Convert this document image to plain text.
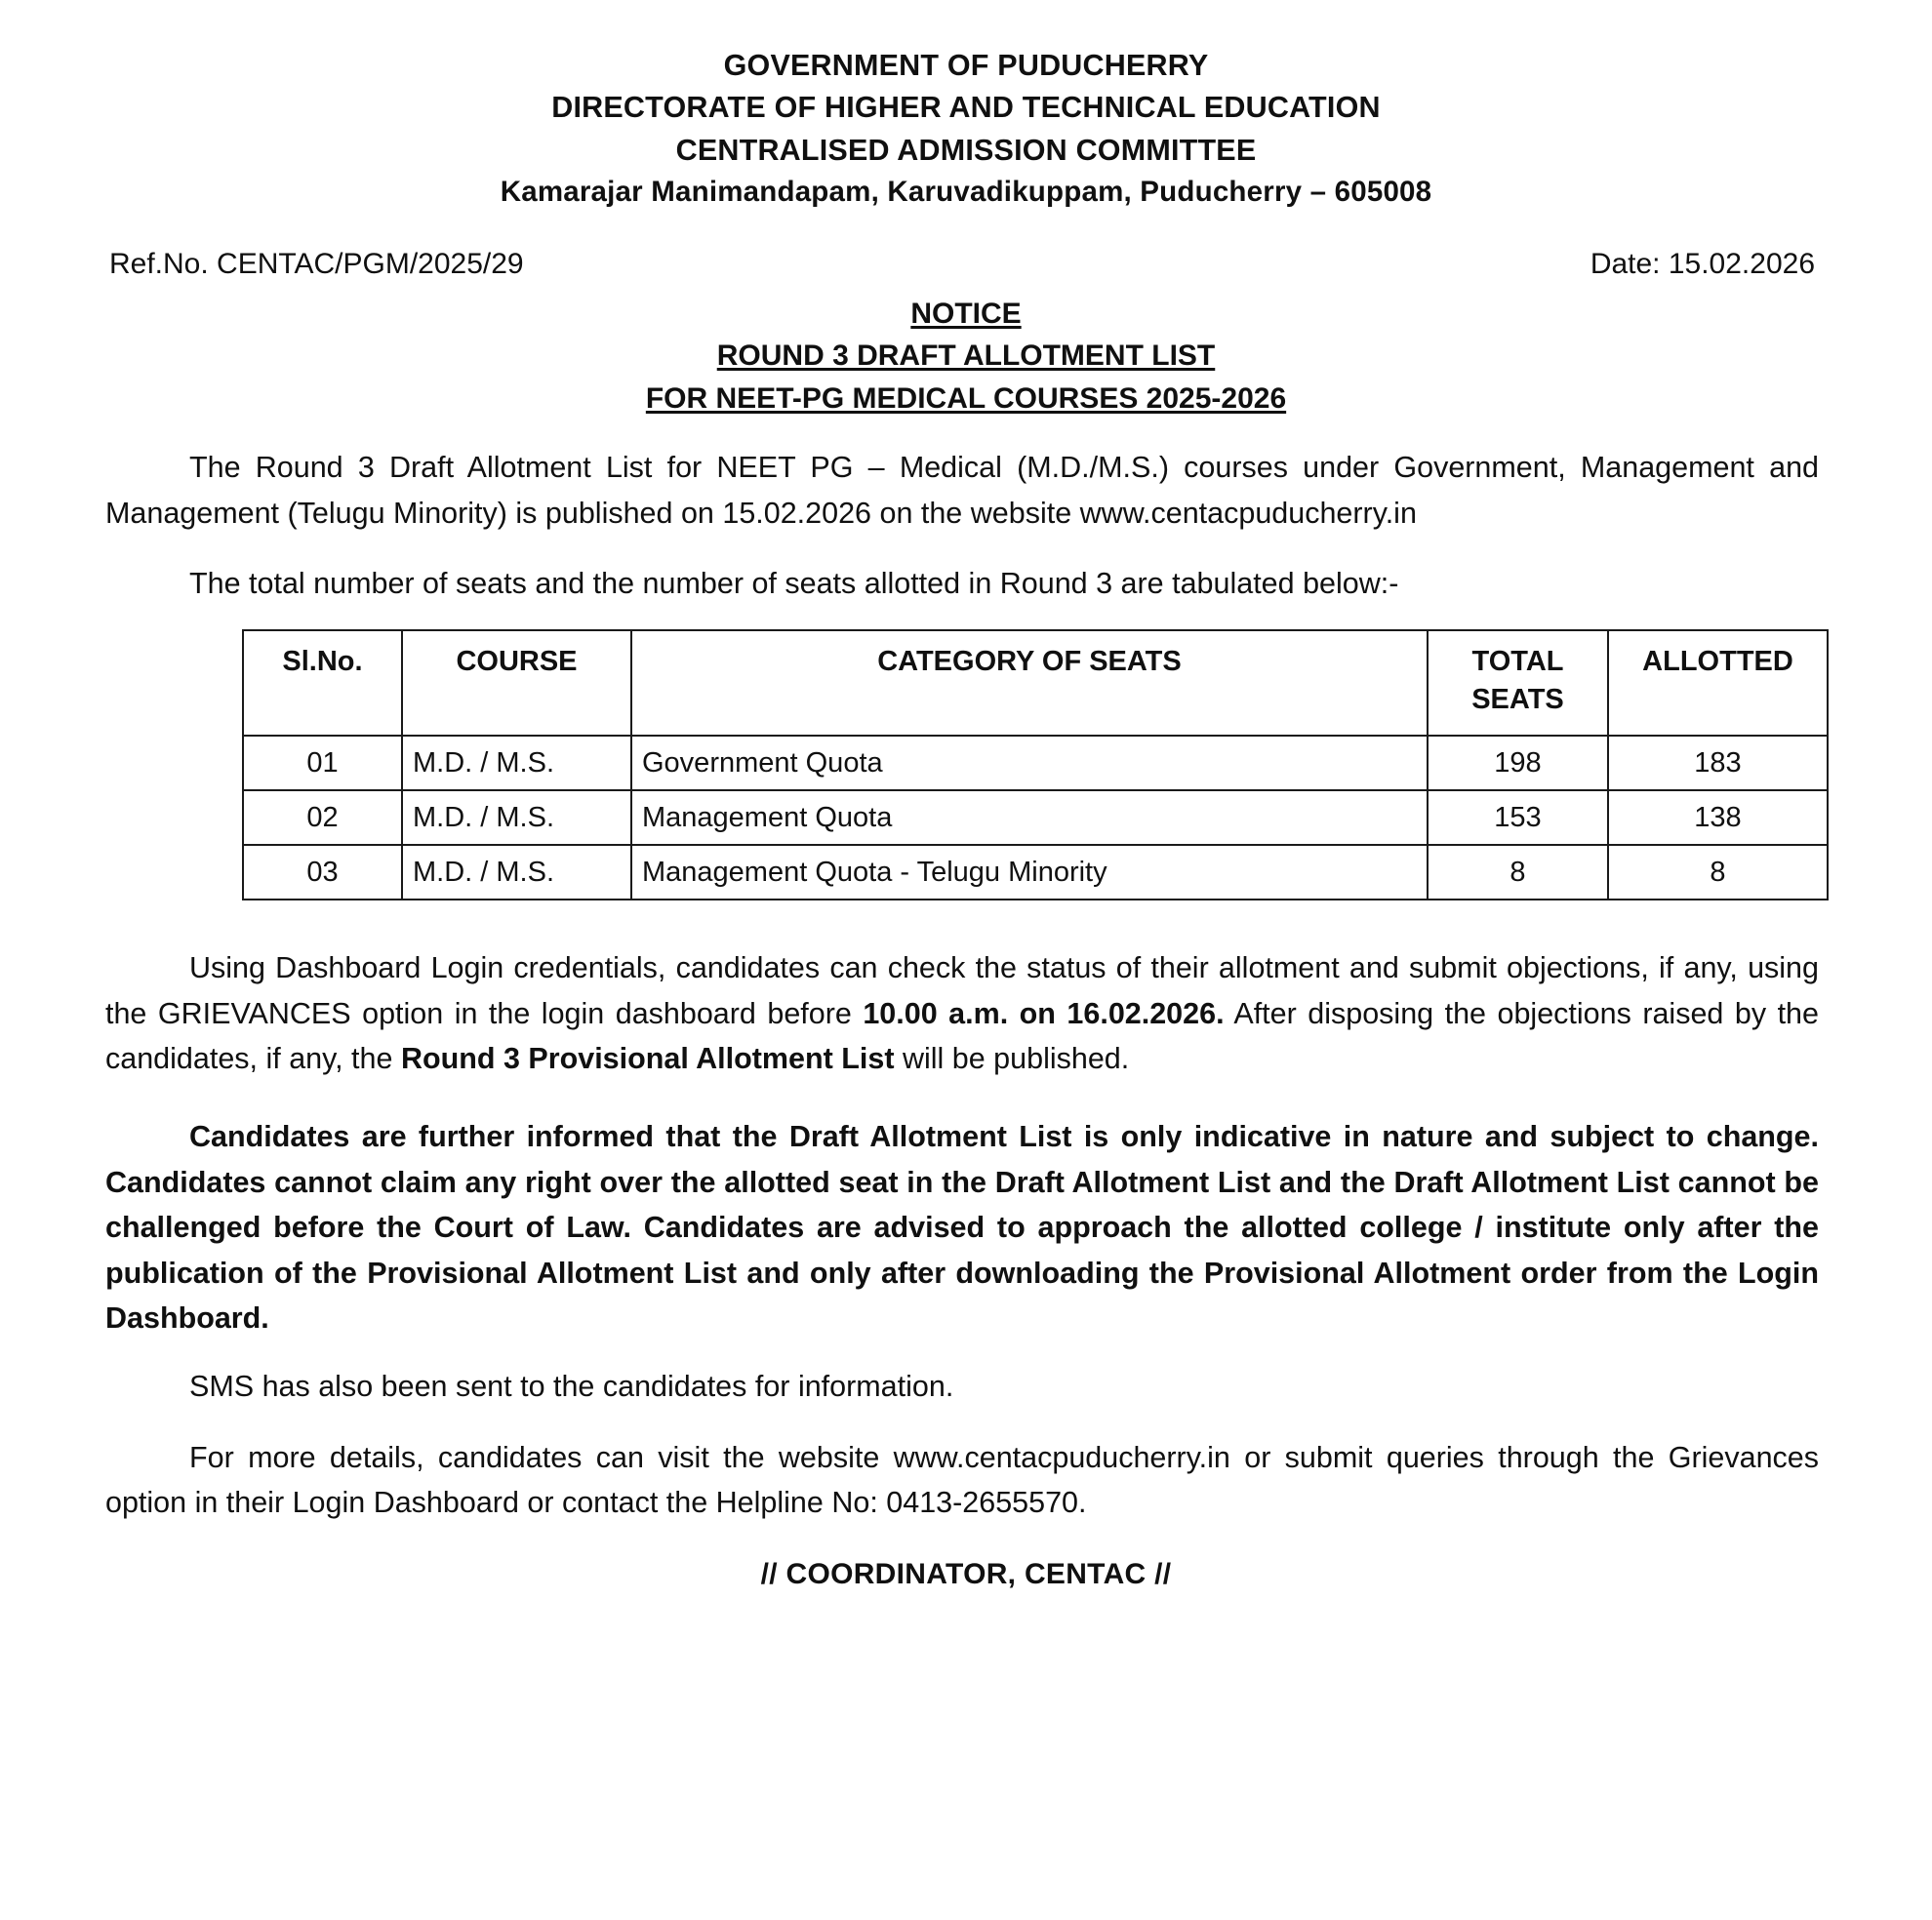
GOVERNMENT OF PUDUCHERRY
DIRECTORATE OF HIGHER AND TECHNICAL EDUCATION
CENTRALISED ADMISSION COMMITTEE
Kamarajar Manimandapam, Karuvadikuppam, Puducherry – 605008
Ref.No. CENTAC/PGM/2025/29	Date: 15.02.2026
NOTICE
ROUND 3 DRAFT ALLOTMENT LIST
FOR NEET-PG MEDICAL COURSES 2025-2026
The Round 3 Draft Allotment List for NEET PG – Medical (M.D./M.S.) courses under Government, Management and Management (Telugu Minority) is published on 15.02.2026 on the website www.centacpuducherry.in
The total number of seats and the number of seats allotted in Round 3 are tabulated below:-
Sl.No.	COURSE	CATEGORY OF SEATS	TOTAL SEATS	ALLOTTED
01	M.D. / M.S.	Government Quota	198	183
02	M.D. / M.S.	Management Quota	153	138
03	M.D. / M.S.	Management Quota - Telugu Minority	8	8
Using Dashboard Login credentials, candidates can check the status of their allotment and submit objections, if any, using the GRIEVANCES option in the login dashboard before 10.00 a.m. on 16.02.2026. After disposing the objections raised by the candidates, if any, the Round 3 Provisional Allotment List will be published.
Candidates are further informed that the Draft Allotment List is only indicative in nature and subject to change. Candidates cannot claim any right over the allotted seat in the Draft Allotment List and the Draft Allotment List cannot be challenged before the Court of Law. Candidates are advised to approach the allotted college / institute only after the publication of the Provisional Allotment List and only after downloading the Provisional Allotment order from the Login Dashboard.
SMS has also been sent to the candidates for information.
For more details, candidates can visit the website www.centacpuducherry.in or submit queries through the Grievances option in their Login Dashboard or contact the Helpline No: 0413-2655570.
// COORDINATOR, CENTAC //
